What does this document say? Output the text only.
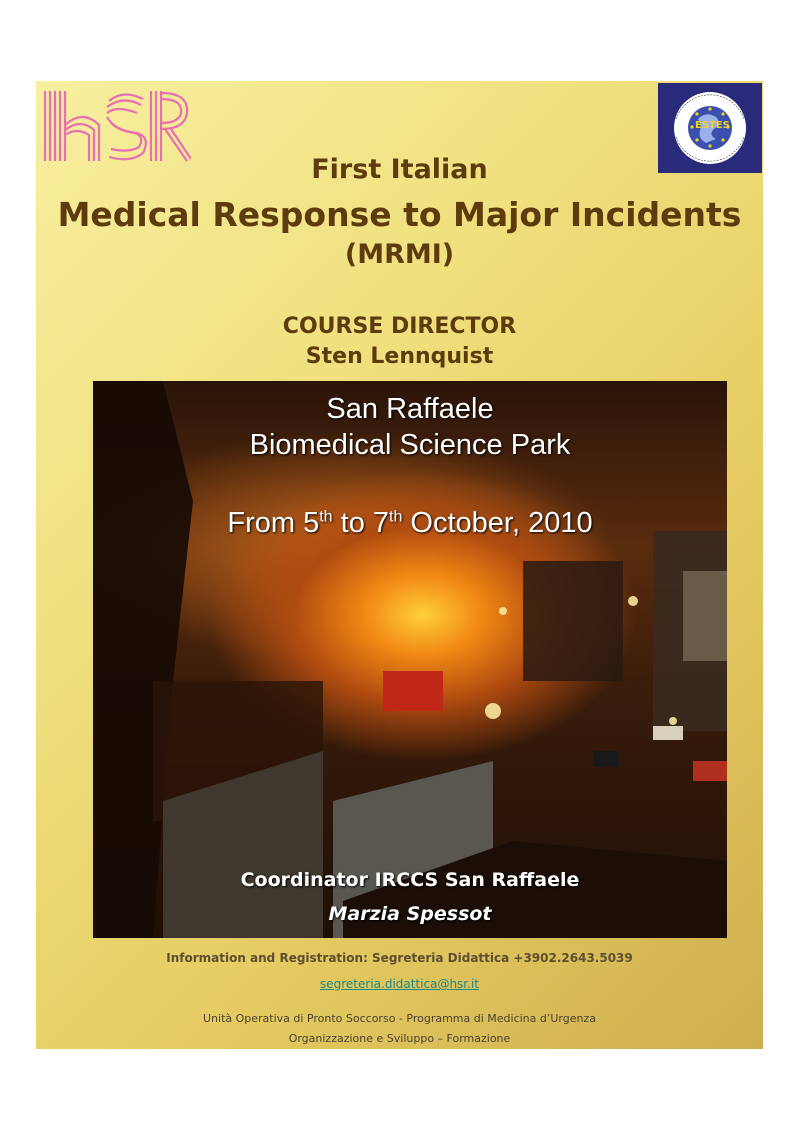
ESTES
First Italian
Medical Response to Major Incidents
(MRMI)
COURSE DIRECTOR
Sten Lennquist
San Raffaele
Biomedical Science Park
From 5th to 7th October, 2010
Coordinator IRCCS San Raffaele
Marzia Spessot
Information and Registration: Segreteria Didattica +3902.2643.5039
segreteria.didattica@hsr.it
Unità Operativa di Pronto Soccorso - Programma di Medicina d’Urgenza
Organizzazione e Sviluppo – Formazione
